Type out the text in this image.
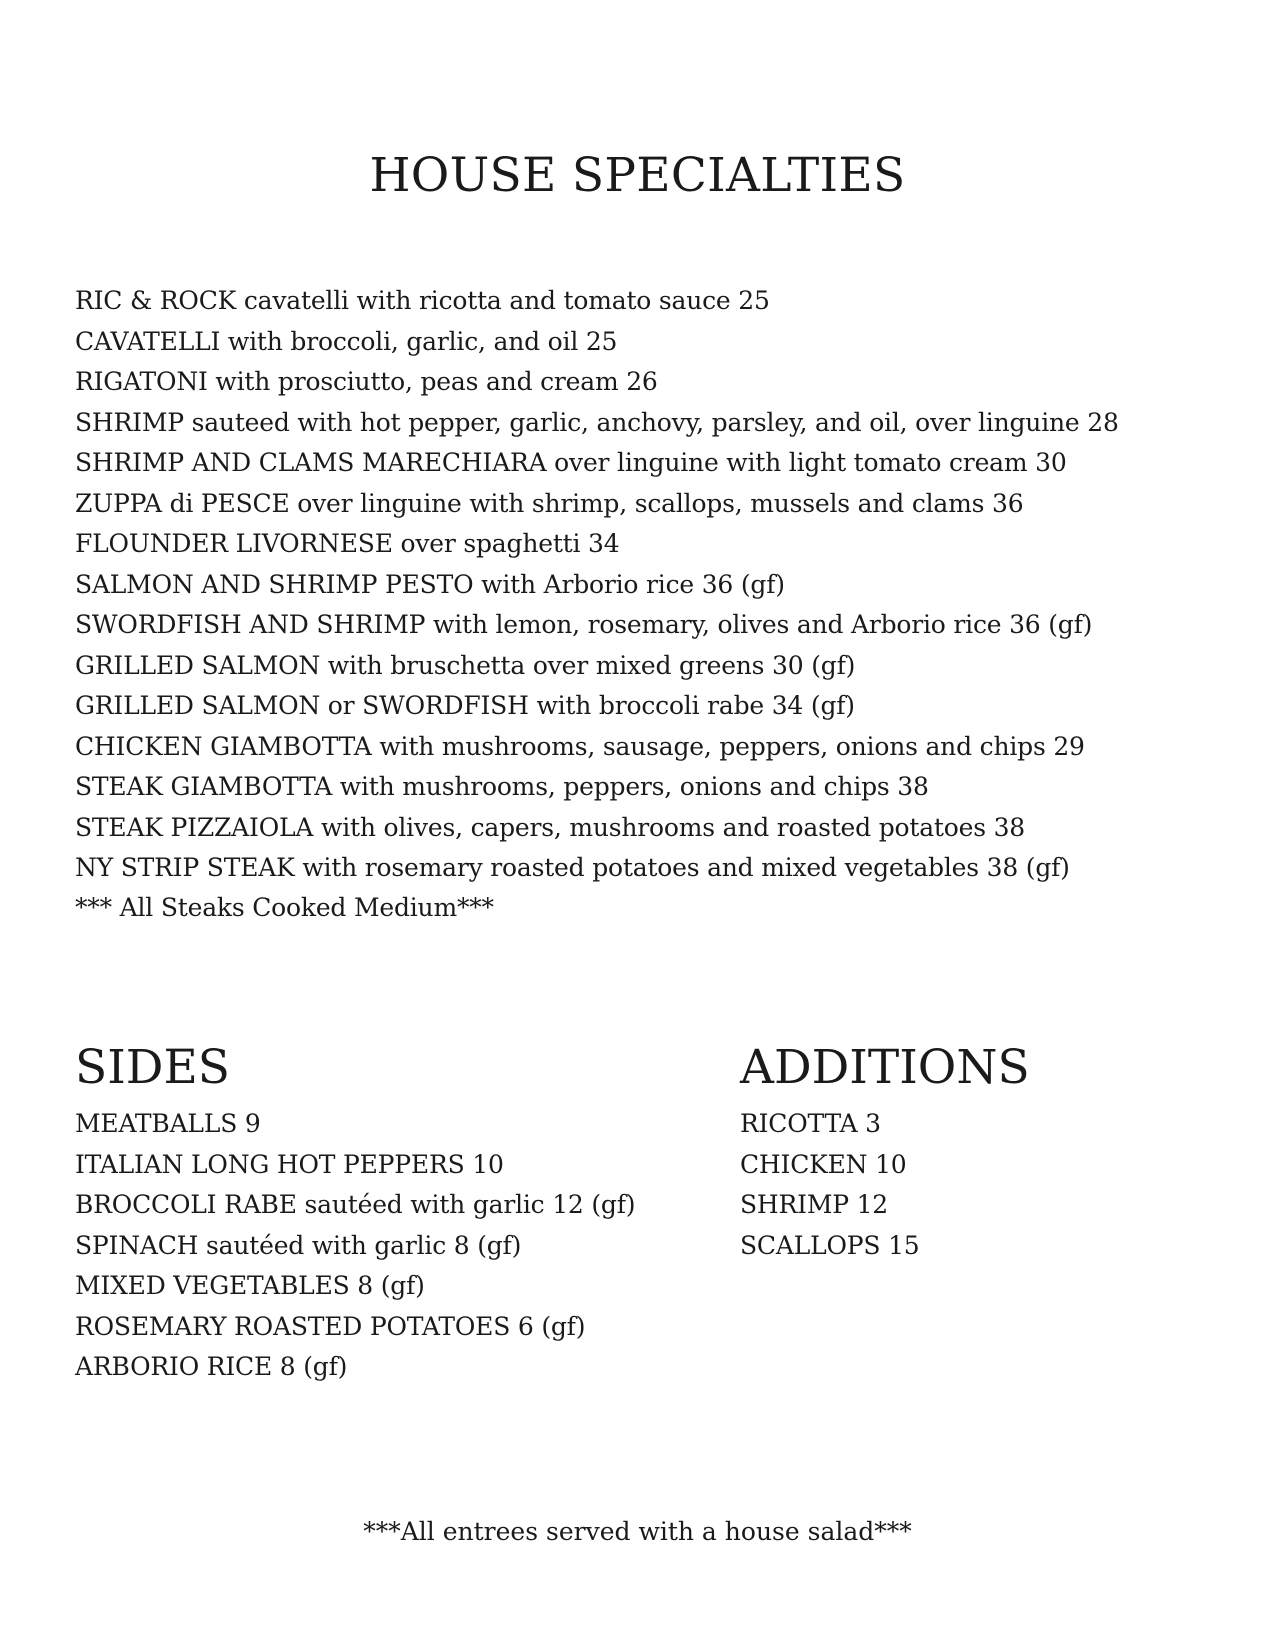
HOUSE SPECIALTIES
RIC & ROCK cavatelli with ricotta and tomato sauce 25
CAVATELLI with broccoli, garlic, and oil 25
RIGATONI with prosciutto, peas and cream 26
SHRIMP sauteed with hot pepper, garlic, anchovy, parsley, and oil, over linguine 28
SHRIMP AND CLAMS MARECHIARA over linguine with light tomato cream 30
ZUPPA di PESCE over linguine with shrimp, scallops, mussels and clams 36
FLOUNDER LIVORNESE over spaghetti 34
SALMON AND SHRIMP PESTO with Arborio rice 36 (gf)
SWORDFISH AND SHRIMP with lemon, rosemary, olives and Arborio rice 36 (gf)
GRILLED SALMON with bruschetta over mixed greens 30 (gf)
GRILLED SALMON or SWORDFISH with broccoli rabe 34 (gf)
CHICKEN GIAMBOTTA with mushrooms, sausage, peppers, onions and chips 29
STEAK GIAMBOTTA with mushrooms, peppers, onions and chips 38
STEAK PIZZAIOLA with olives, capers, mushrooms and roasted potatoes 38
NY STRIP STEAK with rosemary roasted potatoes and mixed vegetables 38 (gf)
*** All Steaks Cooked Medium***
SIDES
MEATBALLS 9
ITALIAN LONG HOT PEPPERS 10
BROCCOLI RABE sautéed with garlic 12 (gf)
SPINACH sautéed with garlic 8 (gf)
MIXED VEGETABLES 8 (gf)
ROSEMARY ROASTED POTATOES 6 (gf)
ARBORIO RICE 8 (gf)
ADDITIONS
RICOTTA 3
CHICKEN 10
SHRIMP 12
SCALLOPS 15
***All entrees served with a house salad***
